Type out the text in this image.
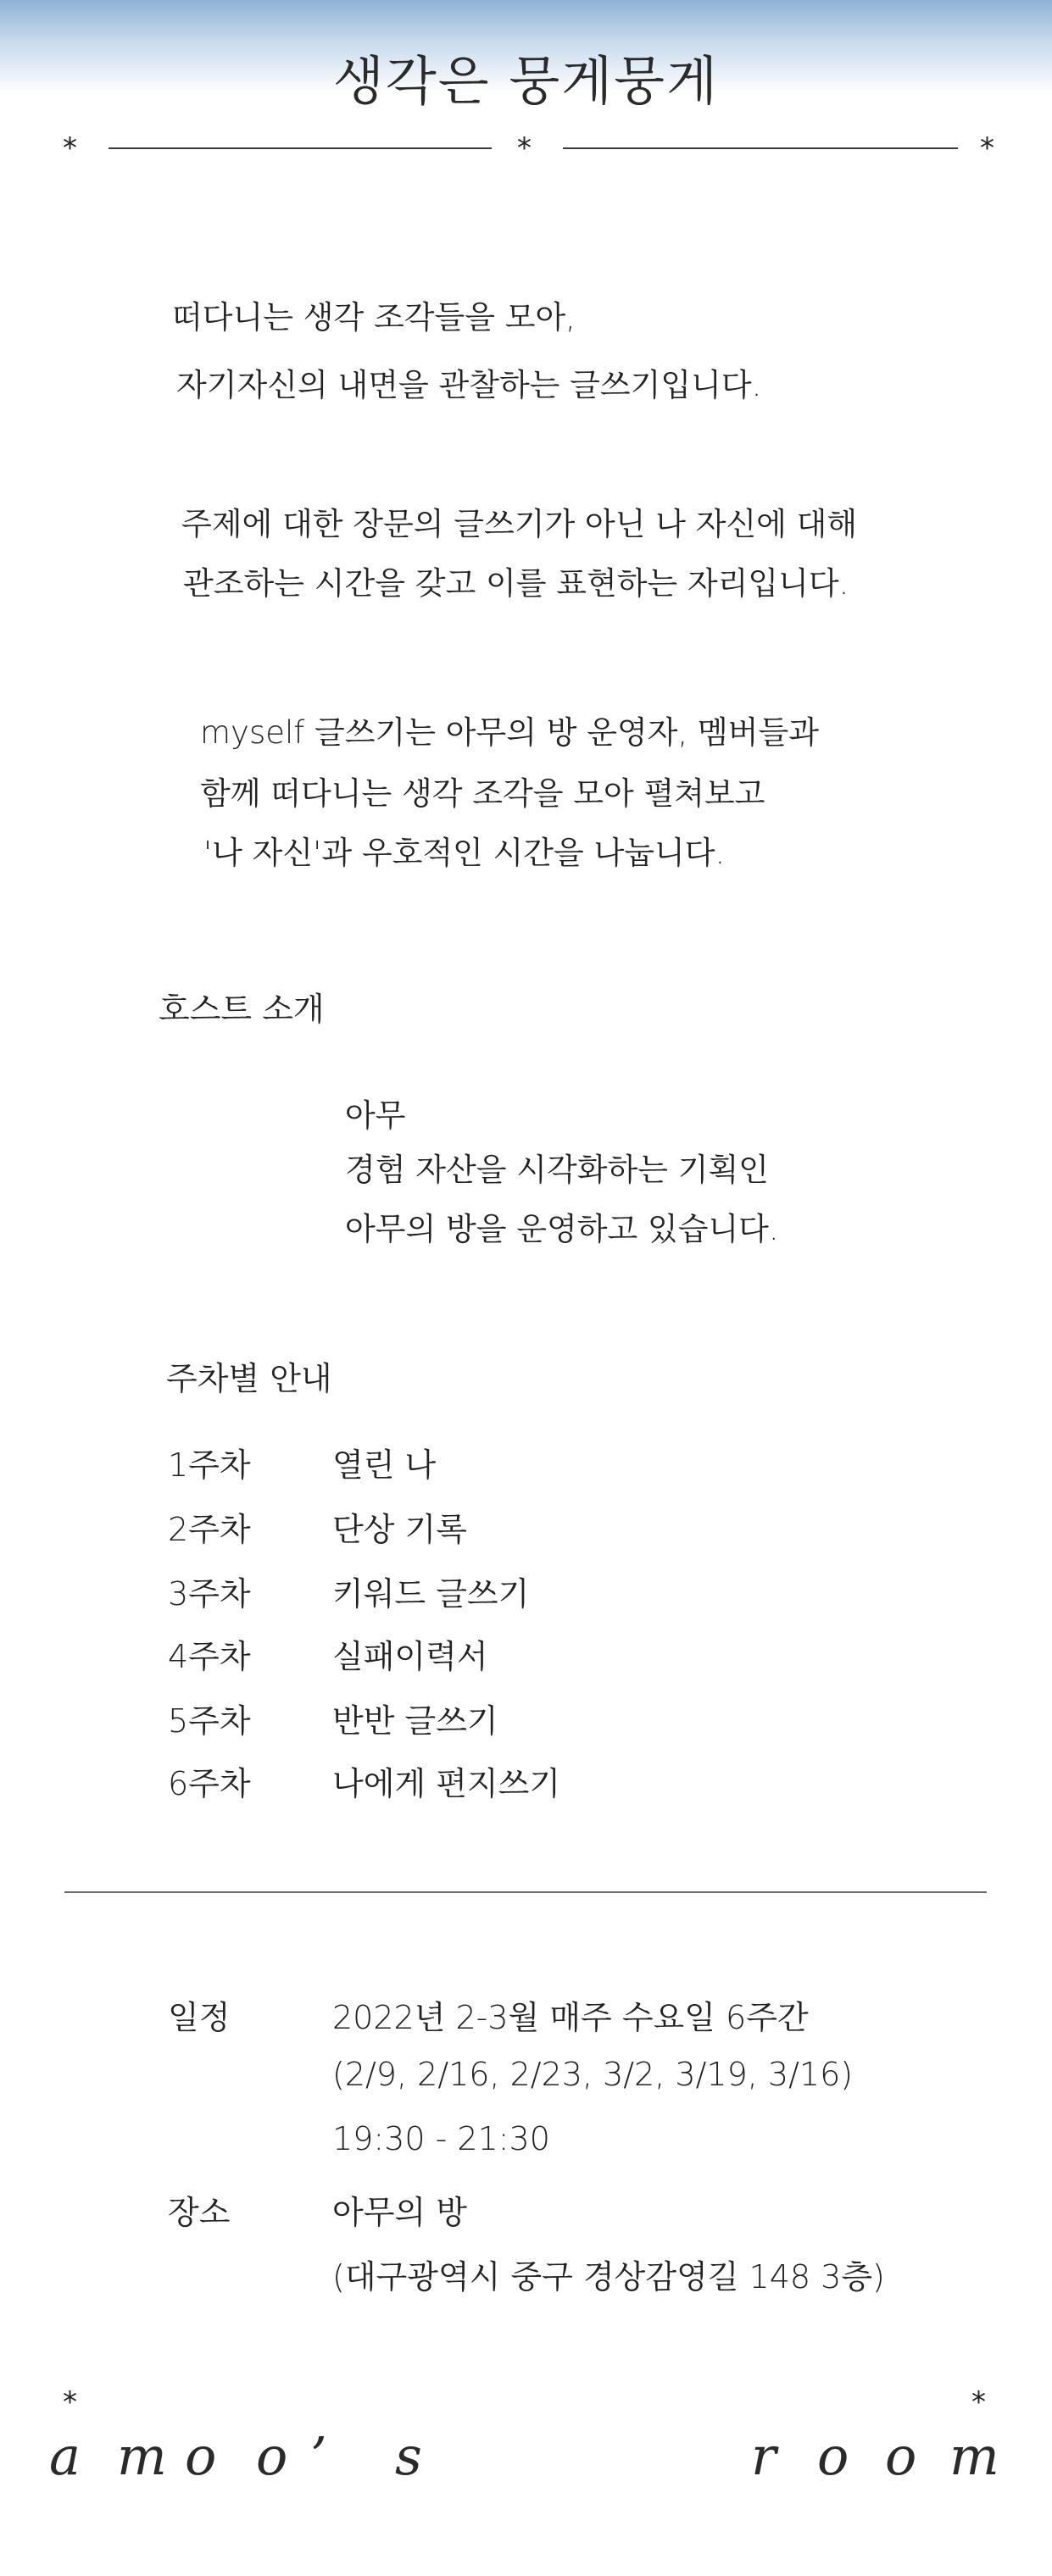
생각은 뭉게뭉게
*	*	*
떠다니는 생각 조각들을 모아,
자기자신의 내면을 관찰하는 글쓰기입니다.
주제에 대한 장문의 글쓰기가 아닌 나 자신에 대해
관조하는 시간을 갖고 이를 표현하는 자리입니다.
myself 글쓰기는 아무의 방 운영자, 멤버들과
함께 떠다니는 생각 조각을 모아 펼쳐보고
'나 자신'과 우호적인 시간을 나눕니다.
호스트 소개
아무
경험 자산을 시각화하는 기획인
아무의 방을 운영하고 있습니다.
주차별 안내
1주차	열린 나
2주차	단상 기록
3주차	키워드 글쓰기
4주차	실패이력서
5주차	반반 글쓰기
6주차	나에게 편지쓰기
일정	2022년 2-3월 매주 수요일 6주간
(2/9, 2/16, 2/23, 3/2, 3/19, 3/16)
19:30 - 21:30
장소	아무의 방
(대구광역시 중구 경상감영길 148 3층)
*	*
a m o o ’ s	r o o m
